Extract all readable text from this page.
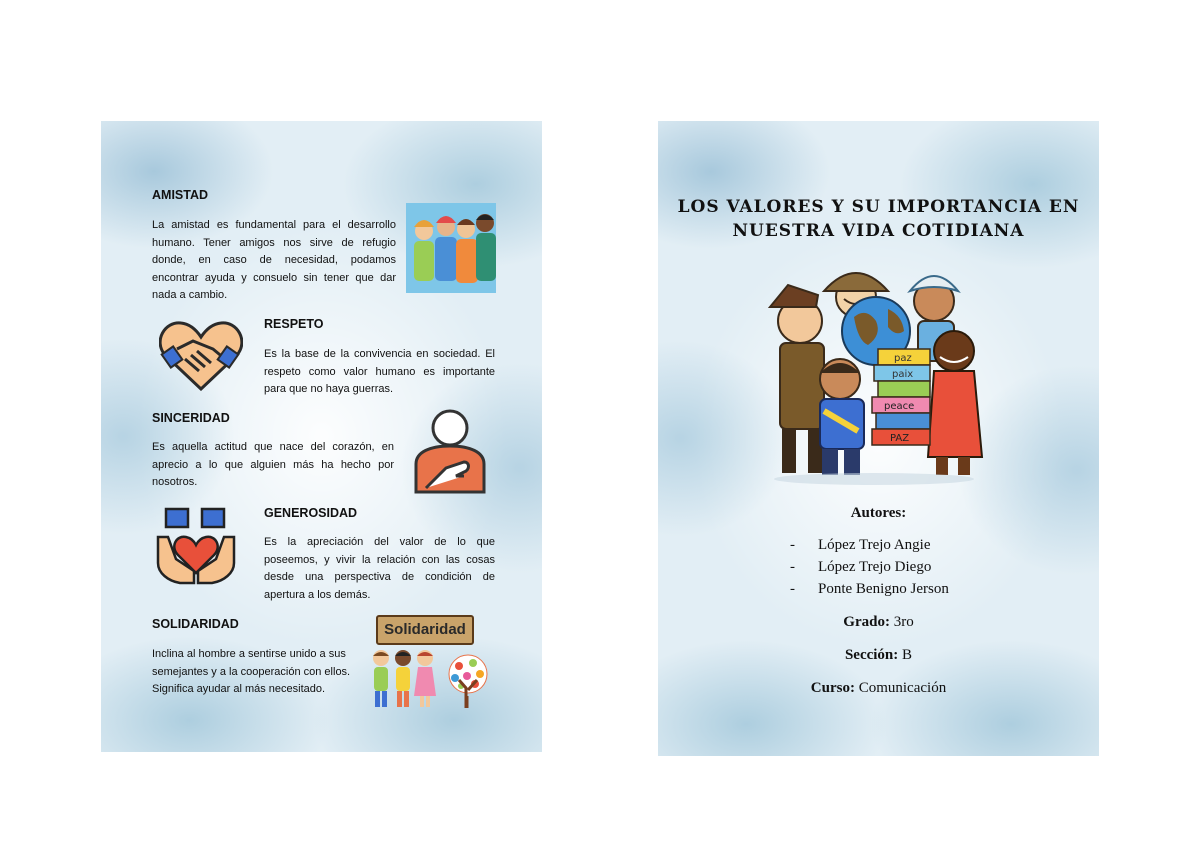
AMISTAD
La amistad es fundamental para el desarrollo humano. Tener amigos nos sirve de refugio donde, en caso de necesidad, podamos encontrar ayuda y consuelo sin tener que dar nada a cambio.
RESPETO
Es la base de la convivencia en sociedad. El respeto como valor humano es importante para que no haya guerras.
SINCERIDAD
Es aquella actitud que nace del corazón, en aprecio a lo que alguien más ha hecho por nosotros.
GENEROSIDAD
Es la apreciación del valor de lo que poseemos, y vivir la relación con las cosas desde una perspectiva de condición de apertura a los demás.
SOLIDARIDAD
Inclina al hombre a sentirse unido a sus semejantes y a la cooperación con ellos. Significa ayudar al más necesitado.
Solidaridad
LOS VALORES Y SU IMPORTANCIA EN
NUESTRA VIDA COTIDIANA
paz
paix
peace
PAZ
Autores:
- López Trejo Angie
- López Trejo Diego
- Ponte Benigno Jerson
Grado: 3ro
Sección: B
Curso: Comunicación
